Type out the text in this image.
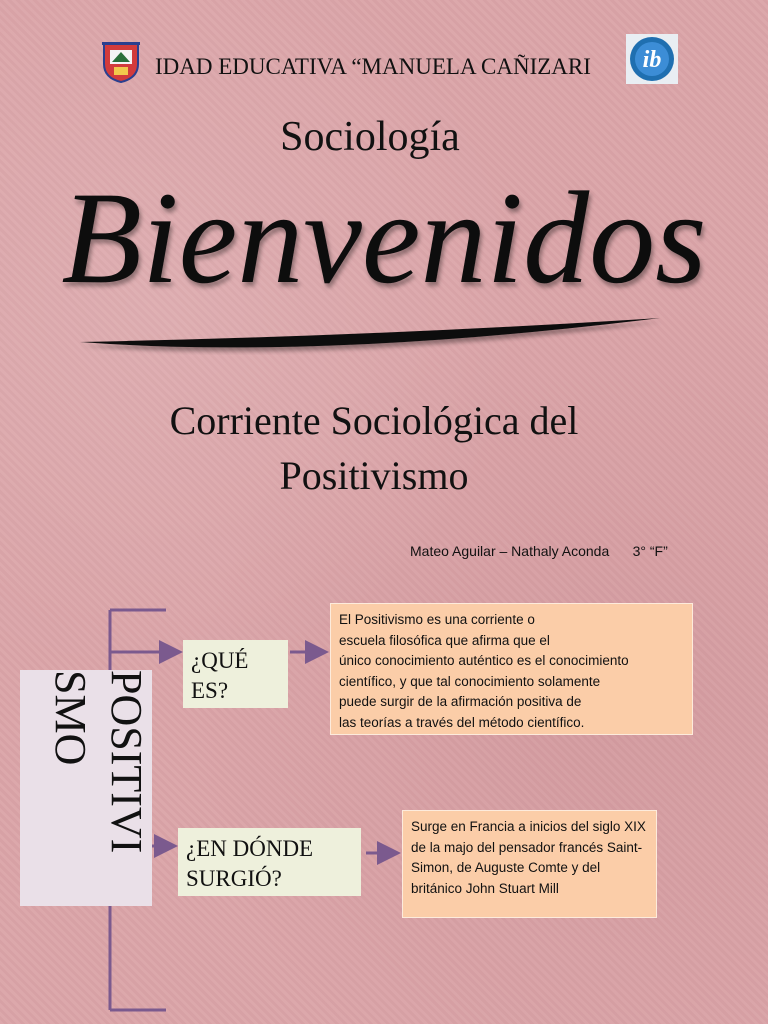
IDAD EDUCATIVA “MANUELA CAÑIZARI	ib
Sociología
Bienvenidos
Corriente Sociológica del
Positivismo
Mateo Aguilar – Nathaly Aconda      3° “F”
POSITIVI SMO
¿QUÉ ES?
El Positivismo es una corriente o
escuela filosófica que afirma que el
único conocimiento auténtico es el conocimiento
científico, y que tal conocimiento solamente
puede surgir de la afirmación positiva de
las teorías a través del método científico.
¿EN DÓNDE SURGIÓ?
Surge en Francia a inicios del siglo XIX de la majo del pensador francés Saint-Simon, de Auguste Comte y del británico John Stuart Mill
